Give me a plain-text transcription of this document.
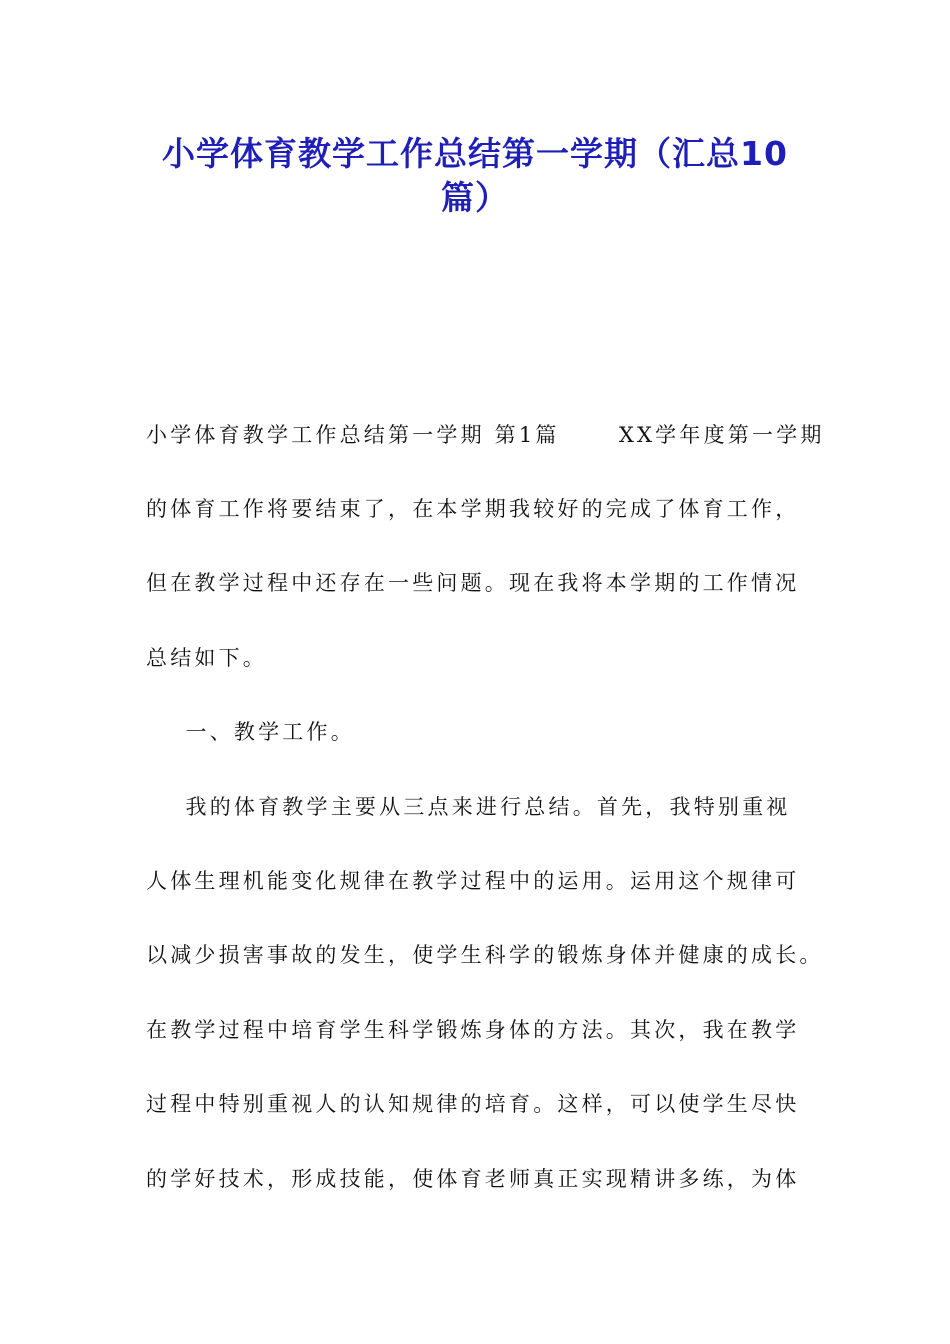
小学体育教学工作总结第一学期（汇总10
篇）
小学体育教学工作总结第一学期 第1篇      XX学年度第一学期
的体育工作将要结束了，在本学期我较好的完成了体育工作，
但在教学过程中还存在一些问题。现在我将本学期的工作情况
总结如下。
一、教学工作。
我的体育教学主要从三点来进行总结。首先，我特别重视
人体生理机能变化规律在教学过程中的运用。运用这个规律可
以减少损害事故的发生，使学生科学的锻炼身体并健康的成长。
在教学过程中培育学生科学锻炼身体的方法。其次，我在教学
过程中特别重视人的认知规律的培育。这样，可以使学生尽快
的学好技术，形成技能，使体育老师真正实现精讲多练，为体
